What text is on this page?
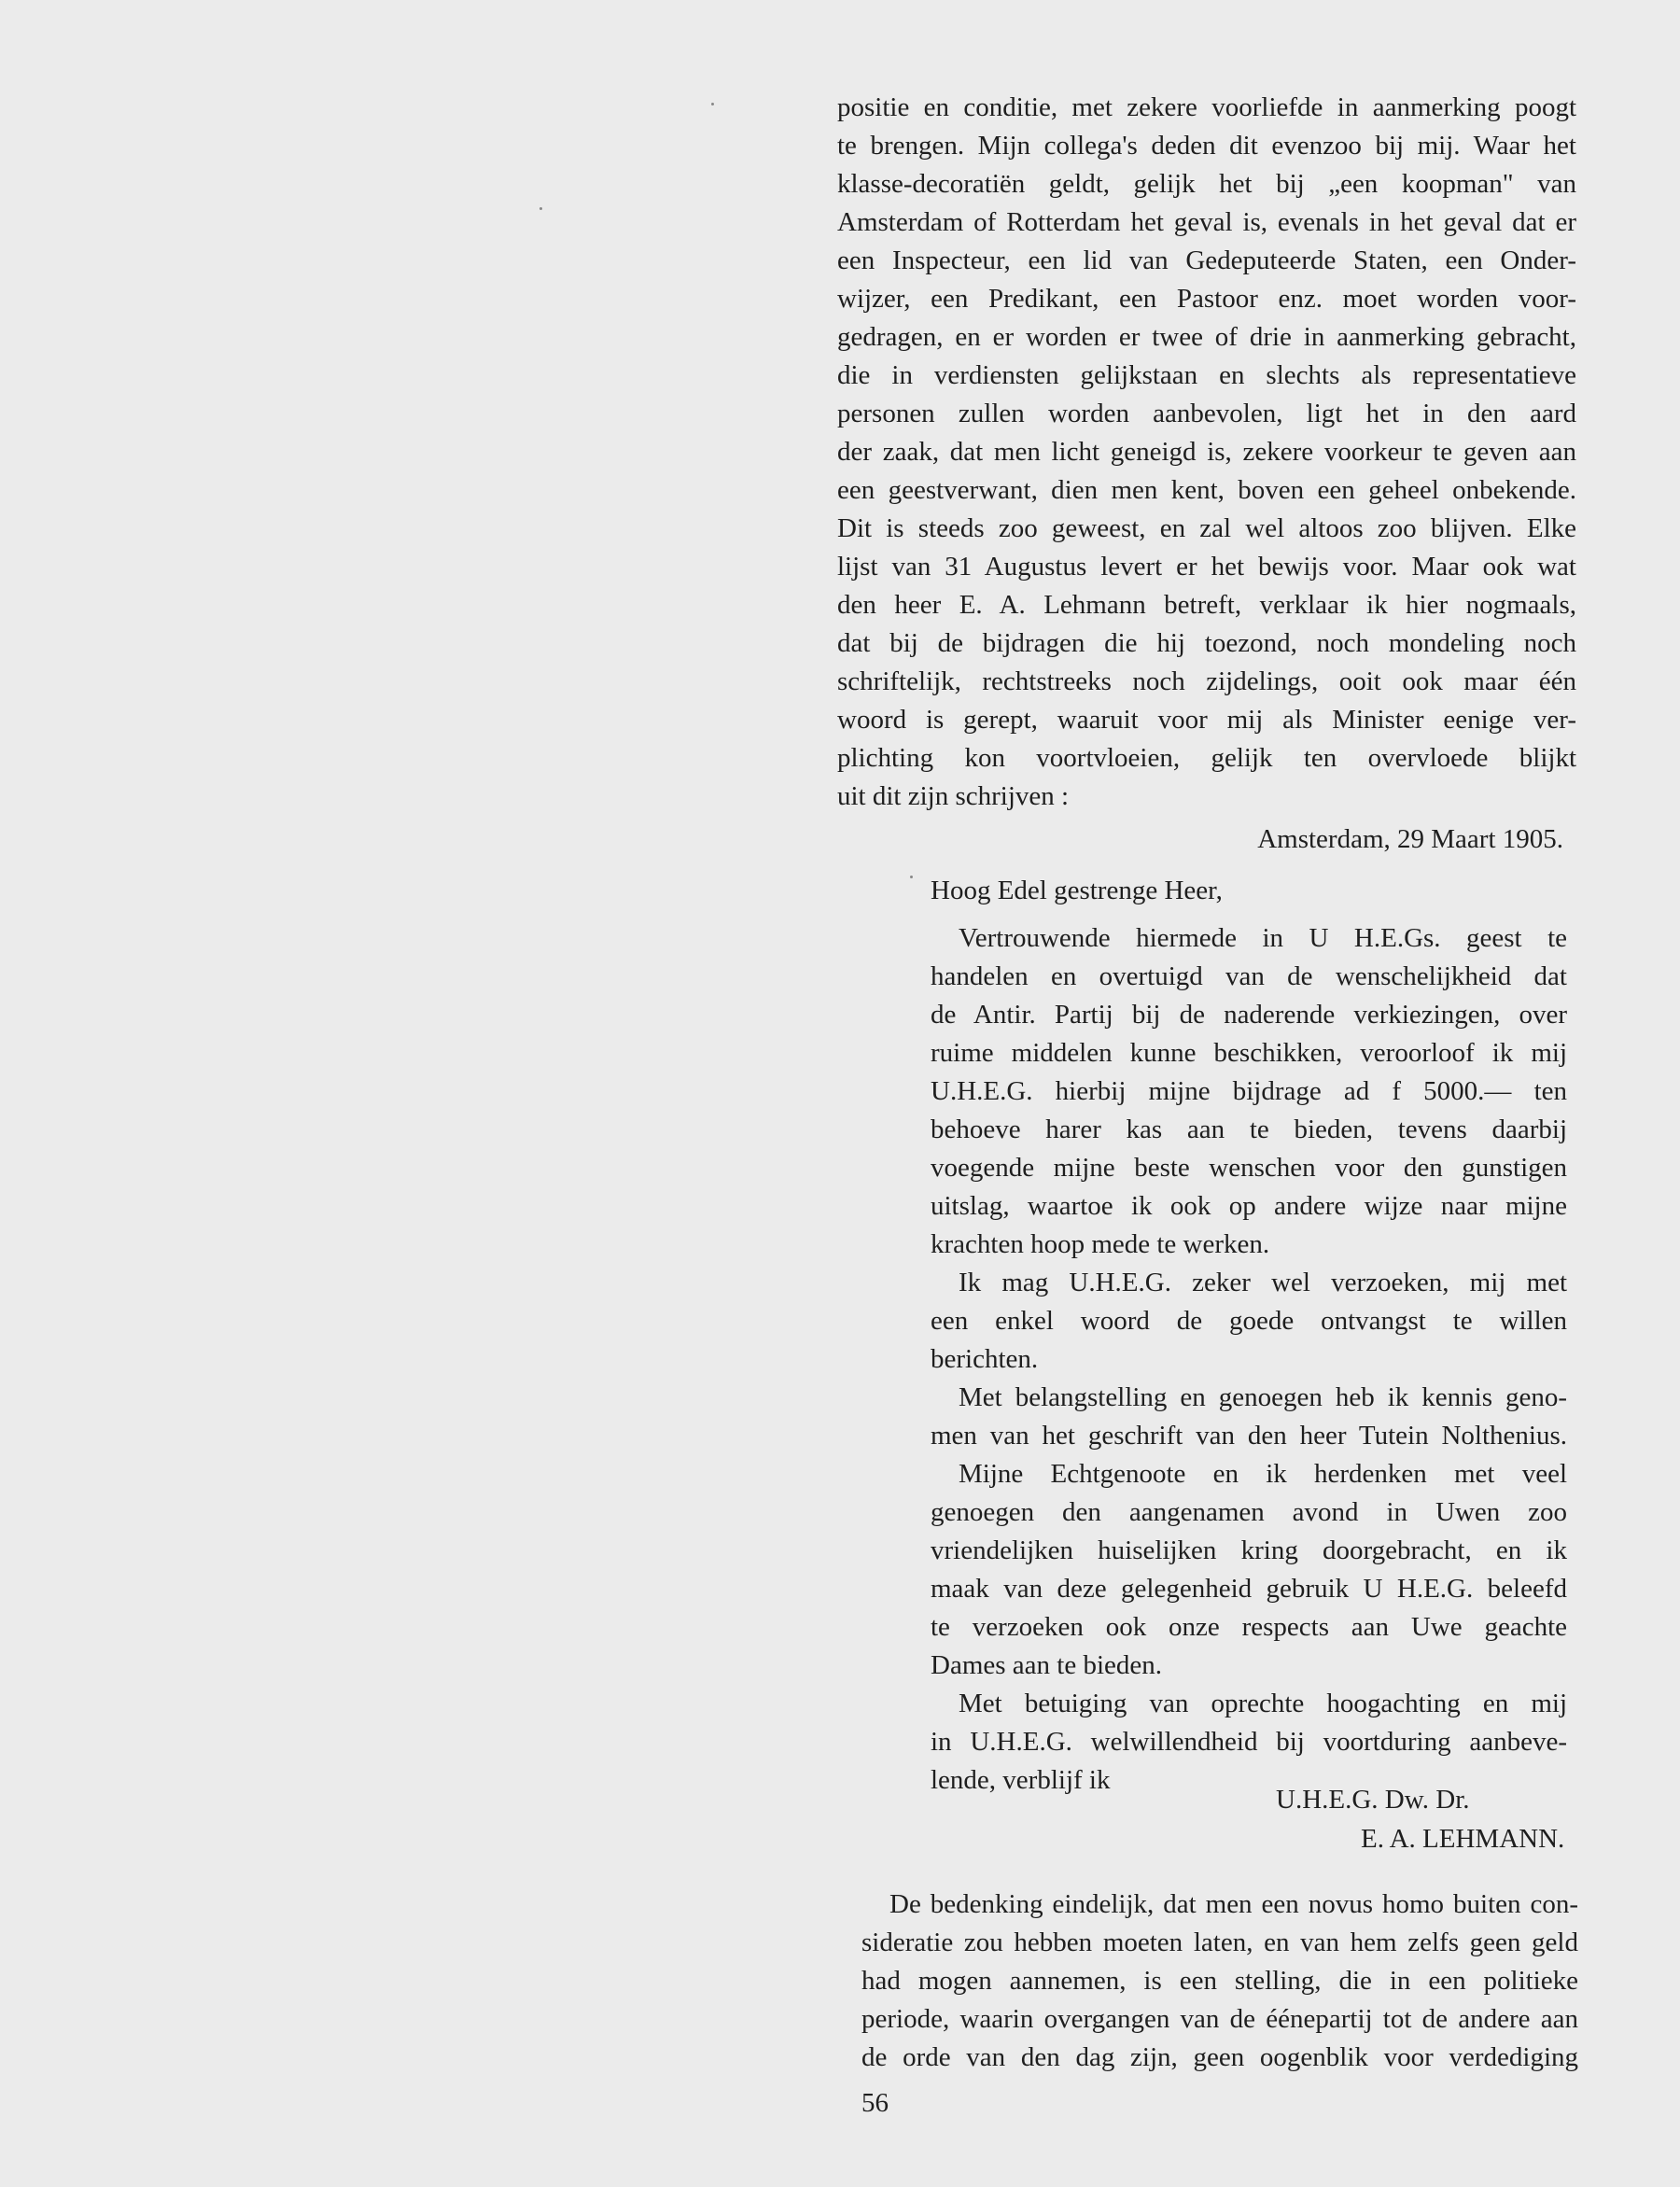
positie en conditie, met zekere voorliefde in aanmerking poogt
te brengen. Mijn collega's deden dit evenzoo bij mij. Waar het
klasse-decoratiën geldt, gelijk het bij „een koopman" van
Amsterdam of Rotterdam het geval is, evenals in het geval dat er
een Inspecteur, een lid van Gedeputeerde Staten, een Onder-
wijzer, een Predikant, een Pastoor enz. moet worden voor-
gedragen, en er worden er twee of drie in aanmerking gebracht,
die in verdiensten gelijkstaan en slechts als representatieve
personen zullen worden aanbevolen, ligt het in den aard
der zaak, dat men licht geneigd is, zekere voorkeur te geven aan
een geestverwant, dien men kent, boven een geheel onbekende.
Dit is steeds zoo geweest, en zal wel altoos zoo blijven. Elke
lijst van 31 Augustus levert er het bewijs voor. Maar ook wat
den heer E. A. Lehmann betreft, verklaar ik hier nogmaals,
dat bij de bijdragen die hij toezond, noch mondeling noch
schriftelijk, rechtstreeks noch zijdelings, ooit ook maar één
woord is gerept, waaruit voor mij als Minister eenige ver-
plichting kon voortvloeien, gelijk ten overvloede blijkt
uit dit zijn schrijven :
Amsterdam, 29 Maart 1905.
Hoog Edel gestrenge Heer,
Vertrouwende hiermede in U H.E.Gs. geest te
handelen en overtuigd van de wenschelijkheid dat
de Antir. Partij bij de naderende verkiezingen, over
ruime middelen kunne beschikken, veroorloof ik mij
U.H.E.G. hierbij mijne bijdrage ad f 5000.— ten
behoeve harer kas aan te bieden, tevens daarbij
voegende mijne beste wenschen voor den gunstigen
uitslag, waartoe ik ook op andere wijze naar mijne
krachten hoop mede te werken.
Ik mag U.H.E.G. zeker wel verzoeken, mij met
een enkel woord de goede ontvangst te willen
berichten.
Met belangstelling en genoegen heb ik kennis geno-
men van het geschrift van den heer Tutein Nolthenius.
Mijne Echtgenoote en ik herdenken met veel
genoegen den aangenamen avond in Uwen zoo
vriendelijken huiselijken kring doorgebracht, en ik
maak van deze gelegenheid gebruik U H.E.G. beleefd
te verzoeken ook onze respects aan Uwe geachte
Dames aan te bieden.
Met betuiging van oprechte hoogachting en mij
in U.H.E.G. welwillendheid bij voortduring aanbeve-
lende, verblijf ik
U.H.E.G. Dw. Dr.
E. A. LEHMANN.
De bedenking eindelijk, dat men een novus homo buiten con-
sideratie zou hebben moeten laten, en van hem zelfs geen geld
had mogen aannemen, is een stelling, die in een politieke
periode, waarin overgangen van de éénepartij tot de andere aan
de orde van den dag zijn, geen oogenblik voor verdediging
56
